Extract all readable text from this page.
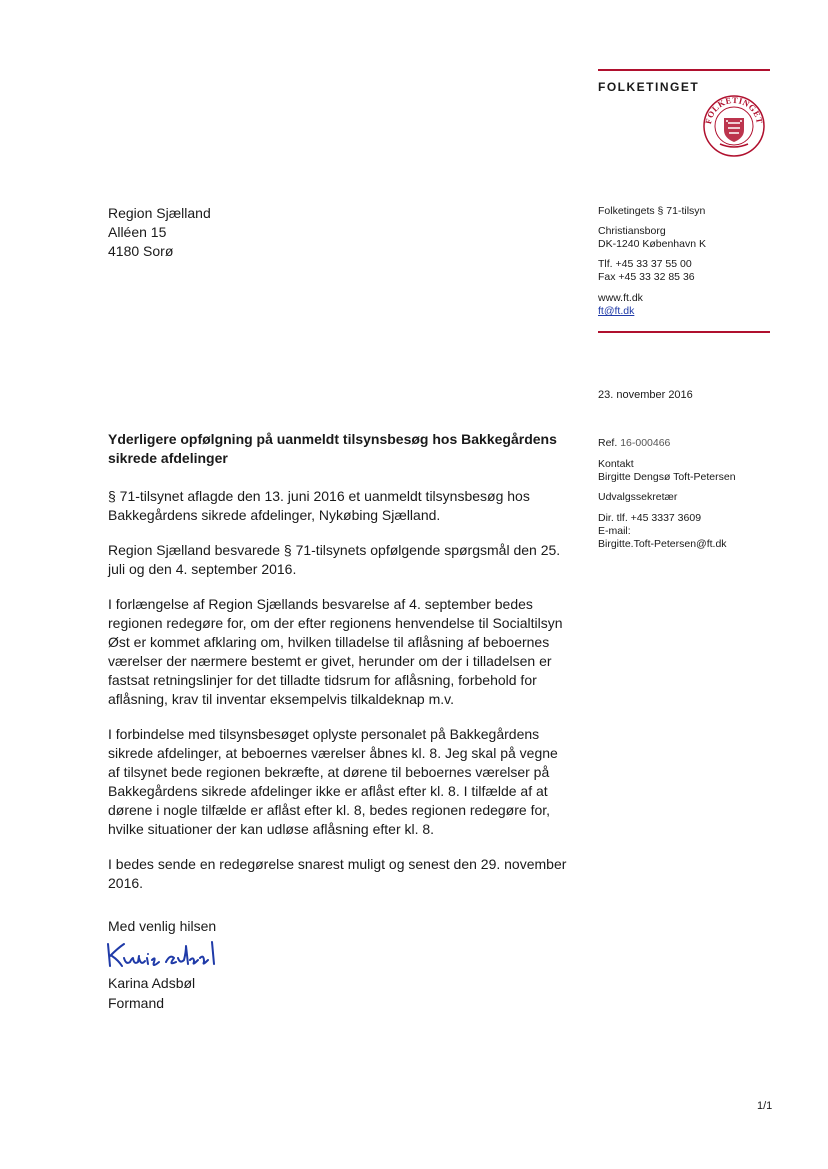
FOLKETINGET
FOLKETINGET
Region Sjælland
Alléen 15
4180 Sorø
Folketingets § 71-tilsyn
Christiansborg
DK-1240 København K
Tlf. +45 33 37 55 00
Fax +45 33 32 85 36
www.ft.dk
ft@ft.dk
23. november 2016
Ref. 16-000466
Kontakt
Birgitte Dengsø Toft-Petersen
Udvalgssekretær
Dir. tlf. +45 3337 3609
E-mail:
Birgitte.Toft-Petersen@ft.dk
Yderligere opfølgning på uanmeldt tilsynsbesøg hos Bakkegårdens sikrede afdelinger

§ 71-tilsynet aflagde den 13. juni 2016 et uanmeldt tilsynsbesøg hos Bakkegårdens sikrede afdelinger, Nykøbing Sjælland.

Region Sjælland besvarede § 71-tilsynets opfølgende spørgsmål den 25. juli og den 4. september 2016.

I forlængelse af Region Sjællands besvarelse af 4. september bedes regionen redegøre for, om der efter regionens henvendelse til Socialtilsyn Øst er kommet afklaring om, hvilken tilladelse til aflåsning af beboernes værelser der nærmere bestemt er givet, herunder om der i tilladelsen er fastsat retningslinjer for det tilladte tidsrum for aflåsning, forbehold for aflåsning, krav til inventar eksempelvis tilkaldeknap m.v.

I forbindelse med tilsynsbesøget oplyste personalet på Bakkegårdens sikrede afdelinger, at beboernes værelser åbnes kl. 8. Jeg skal på vegne af tilsynet bede regionen bekræfte, at dørene til beboernes værelser på Bakkegårdens sikrede afdelinger ikke er aflåst efter kl. 8. I tilfælde af at dørene i nogle tilfælde er aflåst efter kl. 8, bedes regionen redegøre for, hvilke situationer der kan udløse aflåsning efter kl. 8.

I bedes sende en redegørelse snarest muligt og senest den 29. november 2016.

Med venlig hilsen
Karina Adsbøl
Formand
1/1
